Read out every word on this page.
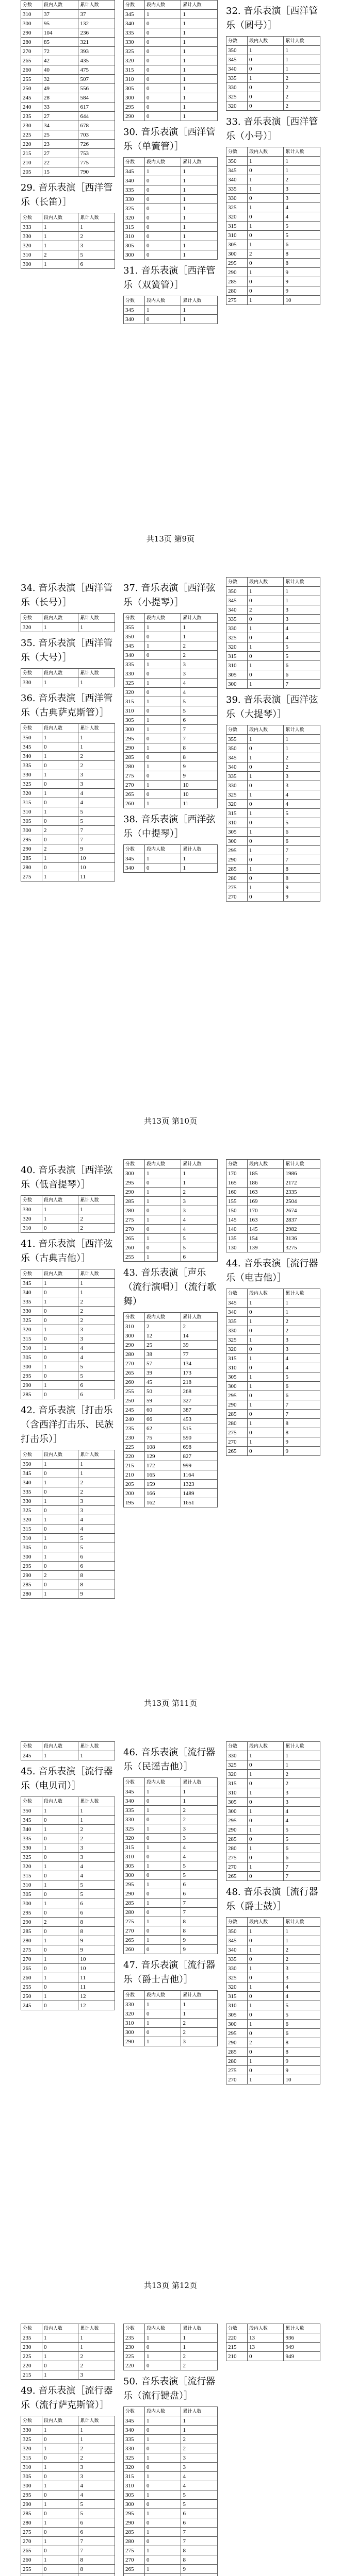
分数	段内人数	累计人数
310	37	37
300	95	132
290	104	236
280	85	321
270	72	393
265	42	435
260	40	475
255	32	507
250	49	556
245	28	584
240	33	617
235	27	644
230	34	678
225	25	703
220	23	726
215	27	753
210	22	775
205	15	790
29. 音乐表演［西洋管乐（长笛）］
分数	段内人数	累计人数
333	1	1
330	1	2
320	1	3
310	2	5
300	1	6
分数	段内人数	累计人数
345	1	1
340	0	1
335	0	1
330	0	1
325	0	1
320	0	1
315	0	1
310	0	1
305	0	1
300	0	1
295	0	1
290	0	1
30. 音乐表演［西洋管乐（单簧管）］
分数	段内人数	累计人数
345	1	1
340	0	1
335	0	1
330	0	1
325	0	1
320	0	1
315	0	1
310	0	1
305	0	1
300	0	1
31. 音乐表演［西洋管乐（双簧管）］
分数	段内人数	累计人数
345	1	1
340	0	1
32. 音乐表演［西洋管乐（圆号）］
分数	段内人数	累计人数
350	1	1
345	0	1
340	0	1
335	1	2
330	0	2
325	0	2
320	0	2
33. 音乐表演［西洋管乐（小号）］
分数	段内人数	累计人数
350	1	1
345	0	1
340	1	2
335	1	3
330	0	3
325	1	4
320	0	4
315	1	5
310	0	5
305	1	6
300	2	8
295	0	8
290	1	9
285	0	9
280	0	9
275	1	10
共13页 第9页
34. 音乐表演［西洋管乐（长号）］
分数	段内人数	累计人数
320	1	1
35. 音乐表演［西洋管乐（大号）］
分数	段内人数	累计人数
330	1	1
36. 音乐表演［西洋管乐（古典萨克斯管）］
分数	段内人数	累计人数
350	1	1
345	0	1
340	1	2
335	0	2
330	1	3
325	0	3
320	1	4
315	0	4
310	1	5
305	0	5
300	2	7
295	0	7
290	2	9
285	1	10
280	0	10
275	1	11
37. 音乐表演［西洋弦乐（小提琴）］
分数	段内人数	累计人数
355	1	1
350	0	1
345	1	2
340	0	2
335	1	3
330	0	3
325	1	4
320	0	4
315	1	5
310	0	5
305	1	6
300	1	7
295	0	7
290	1	8
285	0	8
280	1	9
275	0	9
270	1	10
265	0	10
260	1	11
38. 音乐表演［西洋弦乐（中提琴）］
分数	段内人数	累计人数
345	1	1
340	0	1
分数	段内人数	累计人数
350	1	1
345	0	1
340	2	3
335	0	3
330	1	4
325	0	4
320	1	5
315	0	5
310	1	6
305	0	6
300	1	7
39. 音乐表演［西洋弦乐（大提琴）］
分数	段内人数	累计人数
355	1	1
350	0	1
345	1	2
340	0	2
335	1	3
330	0	3
325	1	4
320	0	4
315	1	5
310	0	5
305	1	6
300	0	6
295	1	7
290	0	7
285	1	8
280	0	8
275	1	9
270	0	9
共13页 第10页
40. 音乐表演［西洋弦乐（低音提琴）］
分数	段内人数	累计人数
330	1	1
320	1	2
310	0	2
41. 音乐表演［西洋弦乐（古典吉他）］
分数	段内人数	累计人数
345	1	1
340	0	1
335	1	2
330	0	2
325	0	2
320	1	3
315	0	3
310	1	4
305	0	4
300	1	5
295	0	5
290	1	6
285	0	6
42. 音乐表演［打击乐（含西洋打击乐、民族打击乐）］
分数	段内人数	累计人数
350	1	1
345	0	1
340	1	2
335	0	2
330	1	3
325	0	3
320	1	4
315	0	4
310	1	5
305	0	5
300	1	6
295	0	6
290	2	8
285	0	8
280	1	9
分数	段内人数	累计人数
300	1	1
295	0	1
290	1	2
285	1	3
280	0	3
275	1	4
270	0	4
265	1	5
260	0	5
255	1	6
43. 音乐表演［声乐（流行演唱）］（流行歌舞）
分数	段内人数	累计人数
310	2	2
300	12	14
290	25	39
280	38	77
270	57	134
265	39	173
260	45	218
255	50	268
250	59	327
245	60	387
240	66	453
235	62	515
230	75	590
225	108	698
220	129	827
215	172	999
210	165	1164
205	159	1323
200	166	1489
195	162	1651
分数	段内人数	累计人数
170	185	1986
165	186	2172
160	163	2335
155	169	2504
150	170	2674
145	163	2837
140	145	2982
135	154	3136
130	139	3275
44. 音乐表演［流行器乐（电吉他）］
分数	段内人数	累计人数
345	1	1
340	0	1
335	1	2
330	0	2
325	1	3
320	0	3
315	1	4
310	0	4
305	1	5
300	1	6
295	0	6
290	1	7
285	0	7
280	1	8
275	0	8
270	1	9
265	0	9
共13页 第11页
分数	段内人数	累计人数
245	1	1
45. 音乐表演［流行器乐（电贝司）］
分数	段内人数	累计人数
350	1	1
345	0	1
340	1	2
335	0	2
330	1	3
325	0	3
320	1	4
315	0	4
310	1	5
305	0	5
300	1	6
295	0	6
290	2	8
285	0	8
280	1	9
275	0	9
270	1	10
265	0	10
260	1	11
255	0	11
250	1	12
245	0	12
46. 音乐表演［流行器乐（民谣吉他）］
分数	段内人数	累计人数
345	1	1
340	0	1
335	1	2
330	0	2
325	1	3
320	0	3
315	1	4
310	0	4
305	1	5
300	0	5
295	1	6
290	0	6
285	1	7
280	0	7
275	1	8
270	0	8
265	1	9
260	0	9
47. 音乐表演［流行器乐（爵士吉他）］
分数	段内人数	累计人数
330	1	1
320	0	1
310	1	2
300	0	2
290	1	3
分数	段内人数	累计人数
330	1	1
325	0	1
320	1	2
315	0	2
310	1	3
305	0	3
300	1	4
295	0	4
290	1	5
285	0	5
280	1	6
275	0	6
270	1	7
265	0	7
48. 音乐表演［流行器乐（爵士鼓）］
分数	段内人数	累计人数
350	1	1
345	0	1
340	1	2
335	0	2
330	1	3
325	0	3
320	1	4
315	0	4
310	1	5
305	0	5
300	1	6
295	0	6
290	2	8
285	0	8
280	1	9
275	0	9
270	1	10
共13页 第12页
分数	段内人数	累计人数
235	1	1
230	0	1
225	1	2
220	0	2
215	1	3
49. 音乐表演［流行器乐（流行萨克斯管）］
分数	段内人数	累计人数
330	1	1
325	0	1
320	1	2
315	0	2
310	1	3
305	0	3
300	1	4
295	0	4
290	1	5
285	0	5
280	1	6
275	0	6
270	1	7
265	0	7
260	1	8
255	0	8

分数	段内人数	累计人数
235	1	1
230	0	1
225	1	2
220	0	2
50. 音乐表演［流行器乐（流行键盘）］
分数	段内人数	累计人数
345	1	1
340	0	1
335	1	2
330	0	2
325	1	3
320	0	3
315	1	4
310	0	4
305	1	5
300	0	5
295	1	6
290	0	6
285	1	7
280	0	7
275	1	8
270	0	8
265	1	9

分数	段内人数	累计人数
220	13	936
215	13	949
210	0	949
